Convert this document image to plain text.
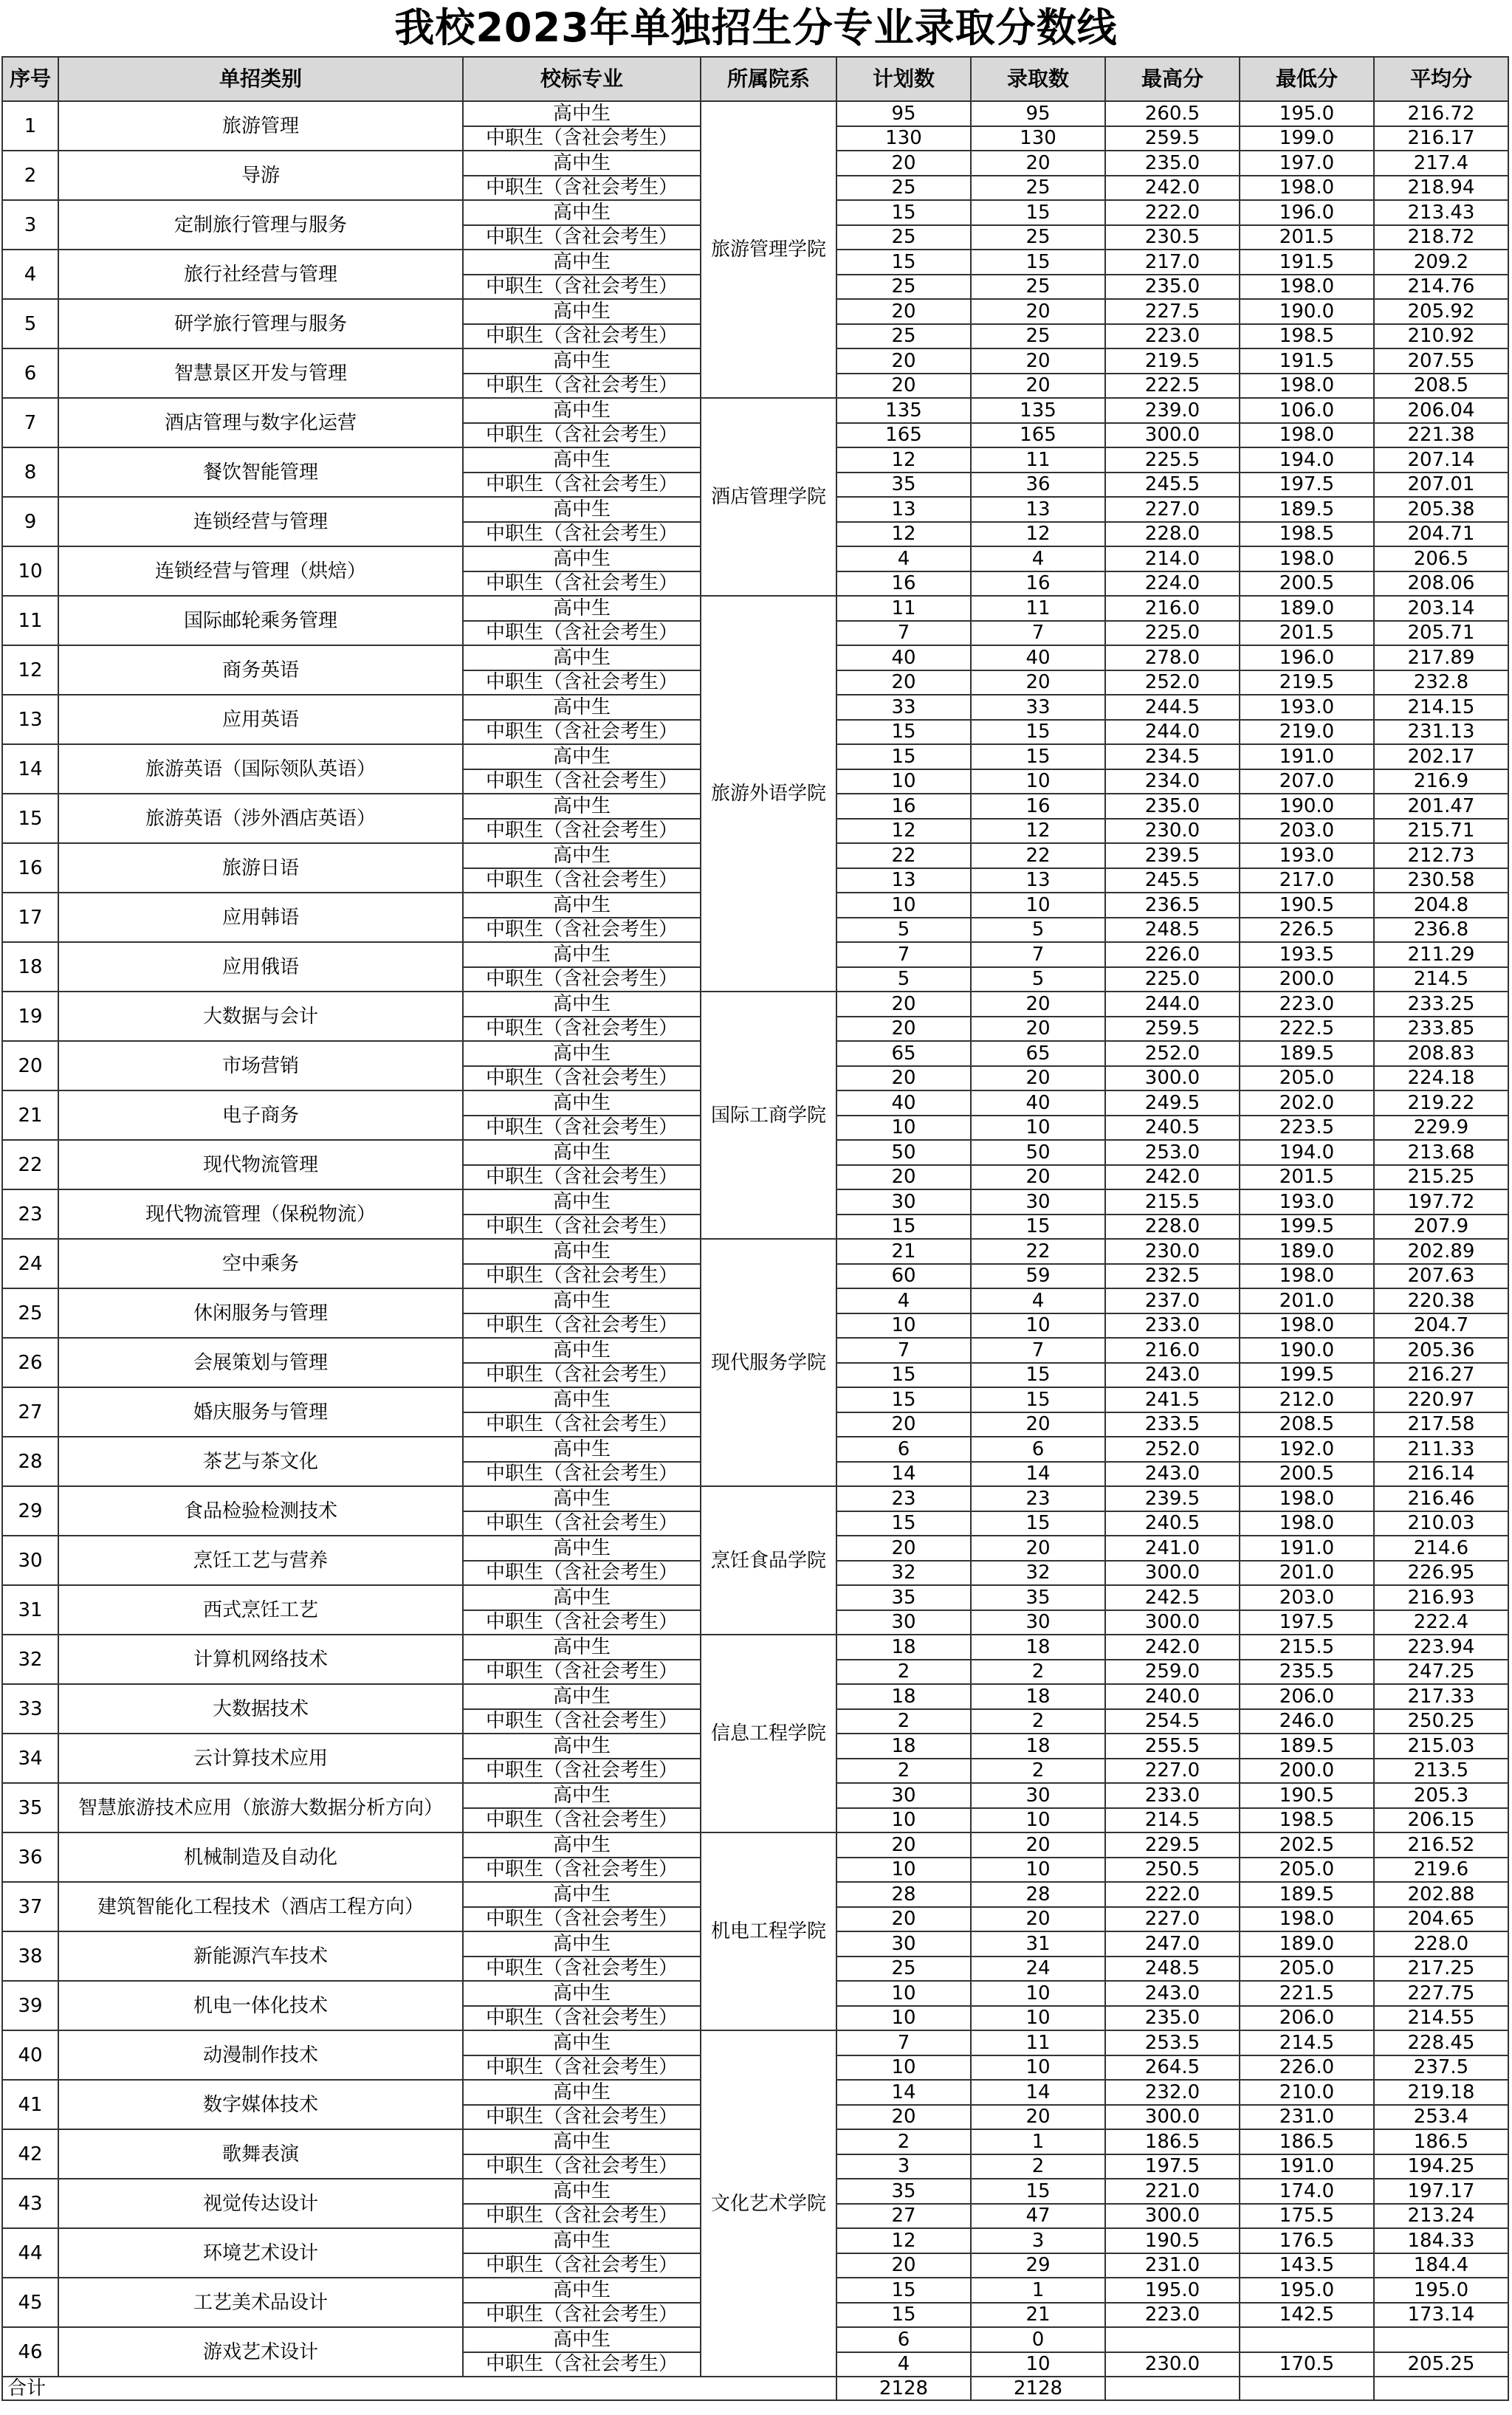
我校2023年单独招生分专业录取分数线
序号	单招类别	校标专业	所属院系	计划数	录取数	最高分	最低分	平均分
1	旅游管理	高中生	旅游管理学院	95	95	260.5	195.0	216.72
		中职生（含社会考生）		130	130	259.5	199.0	216.17
2	导游	高中生		20	20	235.0	197.0	217.4
		中职生（含社会考生）		25	25	242.0	198.0	218.94
3	定制旅行管理与服务	高中生		15	15	222.0	196.0	213.43
		中职生（含社会考生）		25	25	230.5	201.5	218.72
4	旅行社经营与管理	高中生		15	15	217.0	191.5	209.2
		中职生（含社会考生）		25	25	235.0	198.0	214.76
5	研学旅行管理与服务	高中生		20	20	227.5	190.0	205.92
		中职生（含社会考生）		25	25	223.0	198.5	210.92
6	智慧景区开发与管理	高中生		20	20	219.5	191.5	207.55
		中职生（含社会考生）		20	20	222.5	198.0	208.5
7	酒店管理与数字化运营	高中生	酒店管理学院	135	135	239.0	106.0	206.04
		中职生（含社会考生）		165	165	300.0	198.0	221.38
8	餐饮智能管理	高中生		12	11	225.5	194.0	207.14
		中职生（含社会考生）		35	36	245.5	197.5	207.01
9	连锁经营与管理	高中生		13	13	227.0	189.5	205.38
		中职生（含社会考生）		12	12	228.0	198.5	204.71
10	连锁经营与管理（烘焙）	高中生		4	4	214.0	198.0	206.5
		中职生（含社会考生）		16	16	224.0	200.5	208.06
11	国际邮轮乘务管理	高中生	旅游外语学院	11	11	216.0	189.0	203.14
		中职生（含社会考生）		7	7	225.0	201.5	205.71
12	商务英语	高中生		40	40	278.0	196.0	217.89
		中职生（含社会考生）		20	20	252.0	219.5	232.8
13	应用英语	高中生		33	33	244.5	193.0	214.15
		中职生（含社会考生）		15	15	244.0	219.0	231.13
14	旅游英语（国际领队英语）	高中生		15	15	234.5	191.0	202.17
		中职生（含社会考生）		10	10	234.0	207.0	216.9
15	旅游英语（涉外酒店英语）	高中生		16	16	235.0	190.0	201.47
		中职生（含社会考生）		12	12	230.0	203.0	215.71
16	旅游日语	高中生		22	22	239.5	193.0	212.73
		中职生（含社会考生）		13	13	245.5	217.0	230.58
17	应用韩语	高中生		10	10	236.5	190.5	204.8
		中职生（含社会考生）		5	5	248.5	226.5	236.8
18	应用俄语	高中生		7	7	226.0	193.5	211.29
		中职生（含社会考生）		5	5	225.0	200.0	214.5
19	大数据与会计	高中生	国际工商学院	20	20	244.0	223.0	233.25
		中职生（含社会考生）		20	20	259.5	222.5	233.85
20	市场营销	高中生		65	65	252.0	189.5	208.83
		中职生（含社会考生）		20	20	300.0	205.0	224.18
21	电子商务	高中生		40	40	249.5	202.0	219.22
		中职生（含社会考生）		10	10	240.5	223.5	229.9
22	现代物流管理	高中生		50	50	253.0	194.0	213.68
		中职生（含社会考生）		20	20	242.0	201.5	215.25
23	现代物流管理（保税物流）	高中生		30	30	215.5	193.0	197.72
		中职生（含社会考生）		15	15	228.0	199.5	207.9
24	空中乘务	高中生	现代服务学院	21	22	230.0	189.0	202.89
		中职生（含社会考生）		60	59	232.5	198.0	207.63
25	休闲服务与管理	高中生		4	4	237.0	201.0	220.38
		中职生（含社会考生）		10	10	233.0	198.0	204.7
26	会展策划与管理	高中生		7	7	216.0	190.0	205.36
		中职生（含社会考生）		15	15	243.0	199.5	216.27
27	婚庆服务与管理	高中生		15	15	241.5	212.0	220.97
		中职生（含社会考生）		20	20	233.5	208.5	217.58
28	茶艺与茶文化	高中生		6	6	252.0	192.0	211.33
		中职生（含社会考生）		14	14	243.0	200.5	216.14
29	食品检验检测技术	高中生	烹饪食品学院	23	23	239.5	198.0	216.46
		中职生（含社会考生）		15	15	240.5	198.0	210.03
30	烹饪工艺与营养	高中生		20	20	241.0	191.0	214.6
		中职生（含社会考生）		32	32	300.0	201.0	226.95
31	西式烹饪工艺	高中生		35	35	242.5	203.0	216.93
		中职生（含社会考生）		30	30	300.0	197.5	222.4
32	计算机网络技术	高中生	信息工程学院	18	18	242.0	215.5	223.94
		中职生（含社会考生）		2	2	259.0	235.5	247.25
33	大数据技术	高中生		18	18	240.0	206.0	217.33
		中职生（含社会考生）		2	2	254.5	246.0	250.25
34	云计算技术应用	高中生		18	18	255.5	189.5	215.03
		中职生（含社会考生）		2	2	227.0	200.0	213.5
35	智慧旅游技术应用（旅游大数据分析方向）	高中生		30	30	233.0	190.5	205.3
		中职生（含社会考生）		10	10	214.5	198.5	206.15
36	机械制造及自动化	高中生	机电工程学院	20	20	229.5	202.5	216.52
		中职生（含社会考生）		10	10	250.5	205.0	219.6
37	建筑智能化工程技术（酒店工程方向）	高中生		28	28	222.0	189.5	202.88
		中职生（含社会考生）		20	20	227.0	198.0	204.65
38	新能源汽车技术	高中生		30	31	247.0	189.0	228.0
		中职生（含社会考生）		25	24	248.5	205.0	217.25
39	机电一体化技术	高中生		10	10	243.0	221.5	227.75
		中职生（含社会考生）		10	10	235.0	206.0	214.55
40	动漫制作技术	高中生	文化艺术学院	7	11	253.5	214.5	228.45
		中职生（含社会考生）		10	10	264.5	226.0	237.5
41	数字媒体技术	高中生		14	14	232.0	210.0	219.18
		中职生（含社会考生）		20	20	300.0	231.0	253.4
42	歌舞表演	高中生		2	1	186.5	186.5	186.5
		中职生（含社会考生）		3	2	197.5	191.0	194.25
43	视觉传达设计	高中生		35	15	221.0	174.0	197.17
		中职生（含社会考生）		27	47	300.0	175.5	213.24
44	环境艺术设计	高中生		12	3	190.5	176.5	184.33
		中职生（含社会考生）		20	29	231.0	143.5	184.4
45	工艺美术品设计	高中生		15	1	195.0	195.0	195.0
		中职生（含社会考生）		15	21	223.0	142.5	173.14
46	游戏艺术设计	高中生		6	0			
		中职生（含社会考生）		4	10	230.0	170.5	205.25
合计				2128	2128			
